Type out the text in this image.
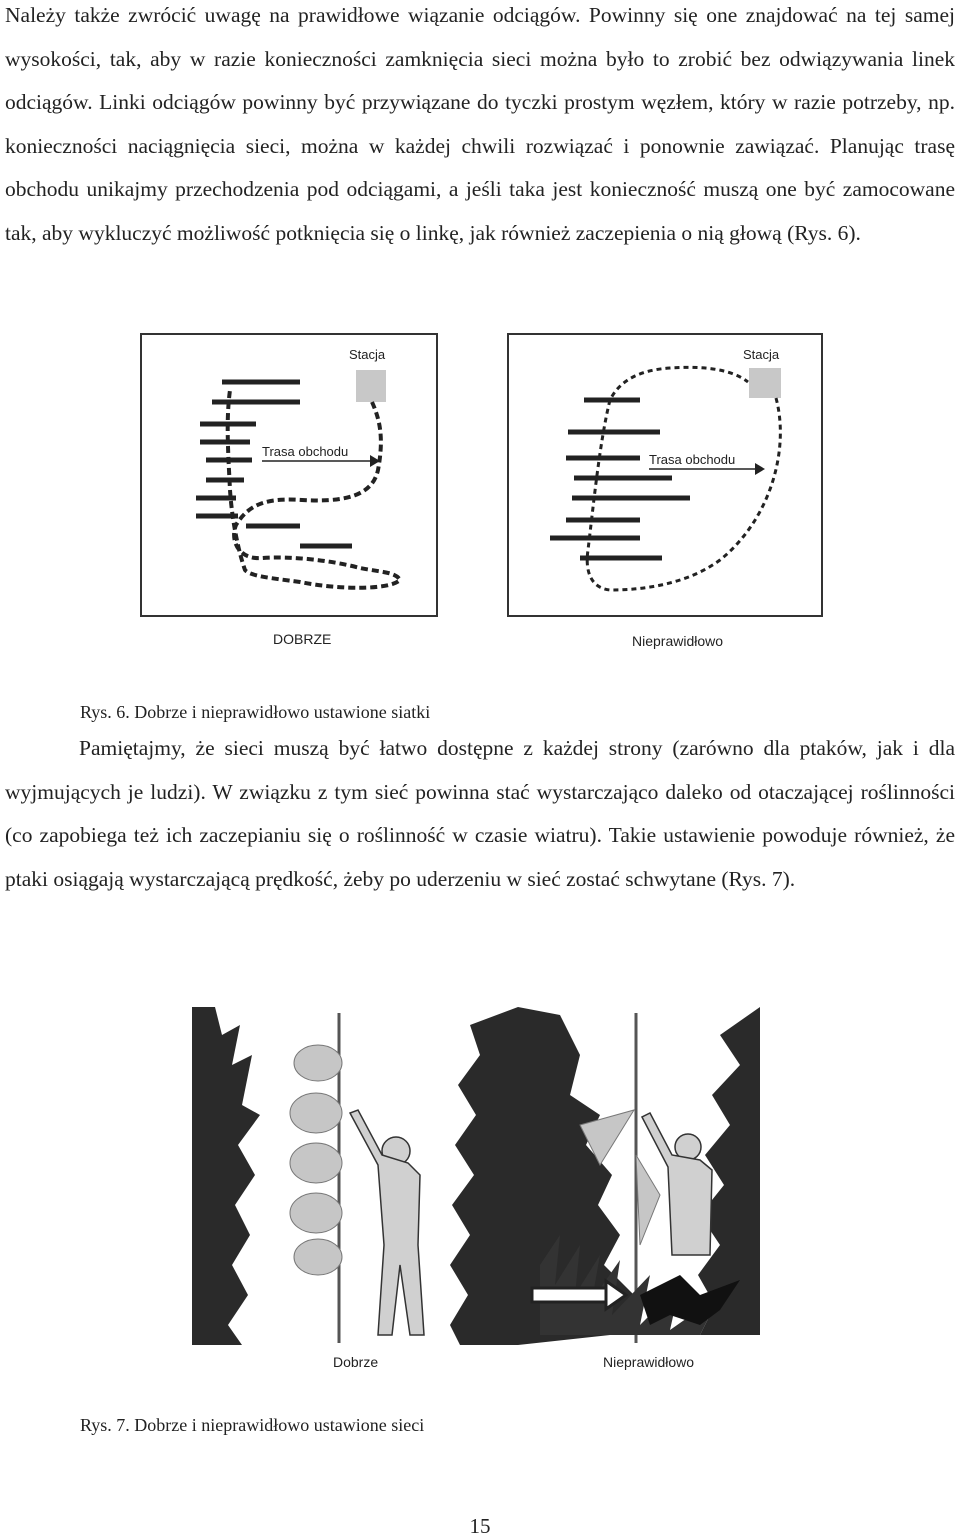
Należy także zwrócić uwagę na prawidłowe wiązanie odciągów. Powinny się one znajdować na tej samej wysokości, tak, aby w razie konieczności zamknięcia sieci można było to zrobić bez odwiązywania linek odciągów. Linki odciągów powinny być przywiązane do tyczki prostym węzłem, który w razie potrzeby, np. konieczności naciągnięcia sieci, można w każdej chwili rozwiązać i ponownie zawiązać. Planując trasę obchodu unikajmy przechodzenia pod odciągami, a jeśli taka jest konieczność muszą one być zamocowane tak, aby wykluczyć możliwość potknięcia się o linkę, jak również zaczepienia o nią głową (Rys. 6).

Stacja
Trasa obchodu
DOBRZE
Stacja
Trasa obchodu
Nieprawidłowo

Rys. 6. Dobrze i nieprawidłowo ustawione siatki

Pamiętajmy, że sieci muszą być łatwo dostępne z każdej strony (zarówno dla ptaków, jak i dla wyjmujących je ludzi). W związku z tym sieć powinna stać wystarczająco daleko od otaczającej roślinności (co zapobiega też ich zaczepianiu się o roślinność w czasie wiatru). Takie ustawienie powoduje również, że ptaki osiągają wystarczającą prędkość, żeby po uderzeniu w sieć zostać schwytane (Rys. 7).

Dobrze	Nieprawidłowo

Rys. 7. Dobrze i nieprawidłowo ustawione sieci

15
